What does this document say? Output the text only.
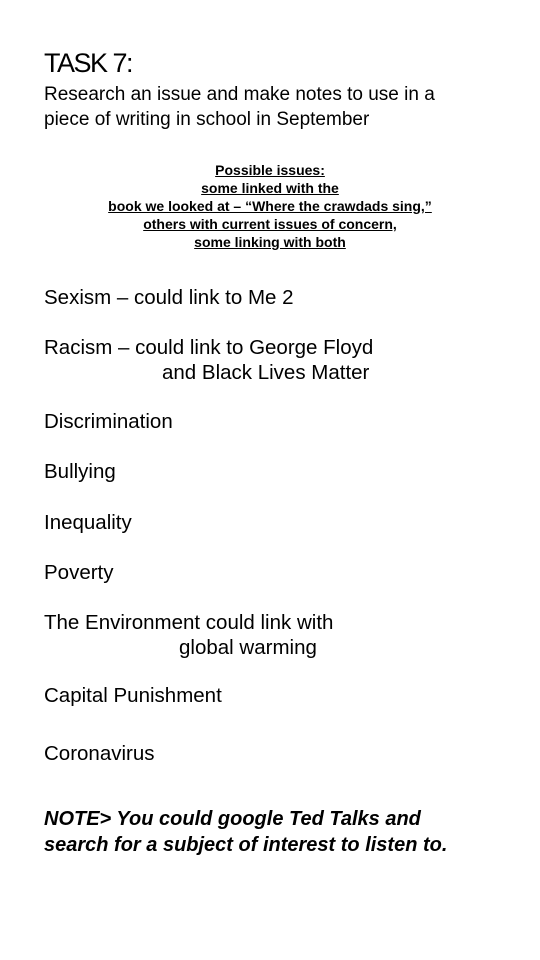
TASK 7:
Research an issue and make notes to use in a
piece of writing in school in September
Possible issues:
some linked with the
book we looked at – “Where the crawdads sing,”
others with current issues of concern,
some linking with both
Sexism – could link to Me 2
Racism – could link to George Floyd
and Black Lives Matter
Discrimination
Bullying
Inequality
Poverty
The Environment could link with
global warming
Capital Punishment
Coronavirus
NOTE> You could google Ted Talks and
search for a subject of interest to listen to.
